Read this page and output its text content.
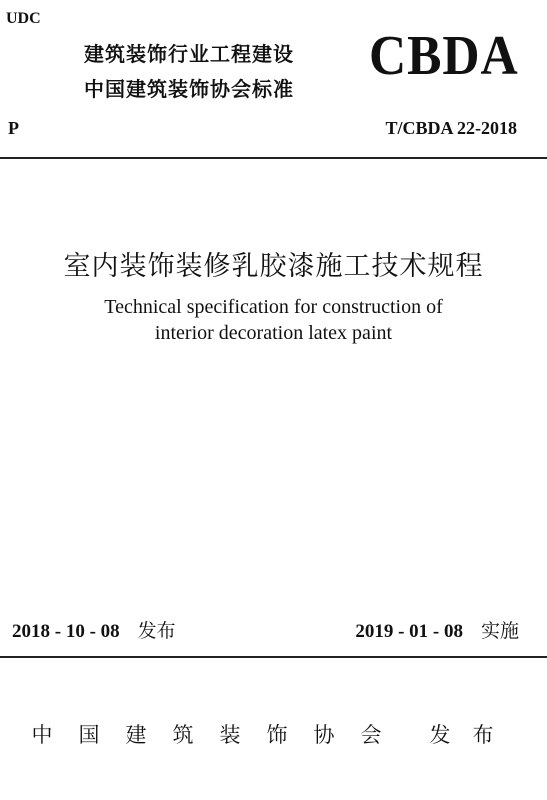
UDC
建筑装饰行业工程建设
中国建筑装饰协会标准
CBDA
P	T/CBDA 22-2018
室内装饰装修乳胶漆施工技术规程
Technical specification for construction of
interior decoration latex paint
2018 - 10 - 08 发布	2019 - 01 - 08 实施
中国建筑装饰协会 发布
